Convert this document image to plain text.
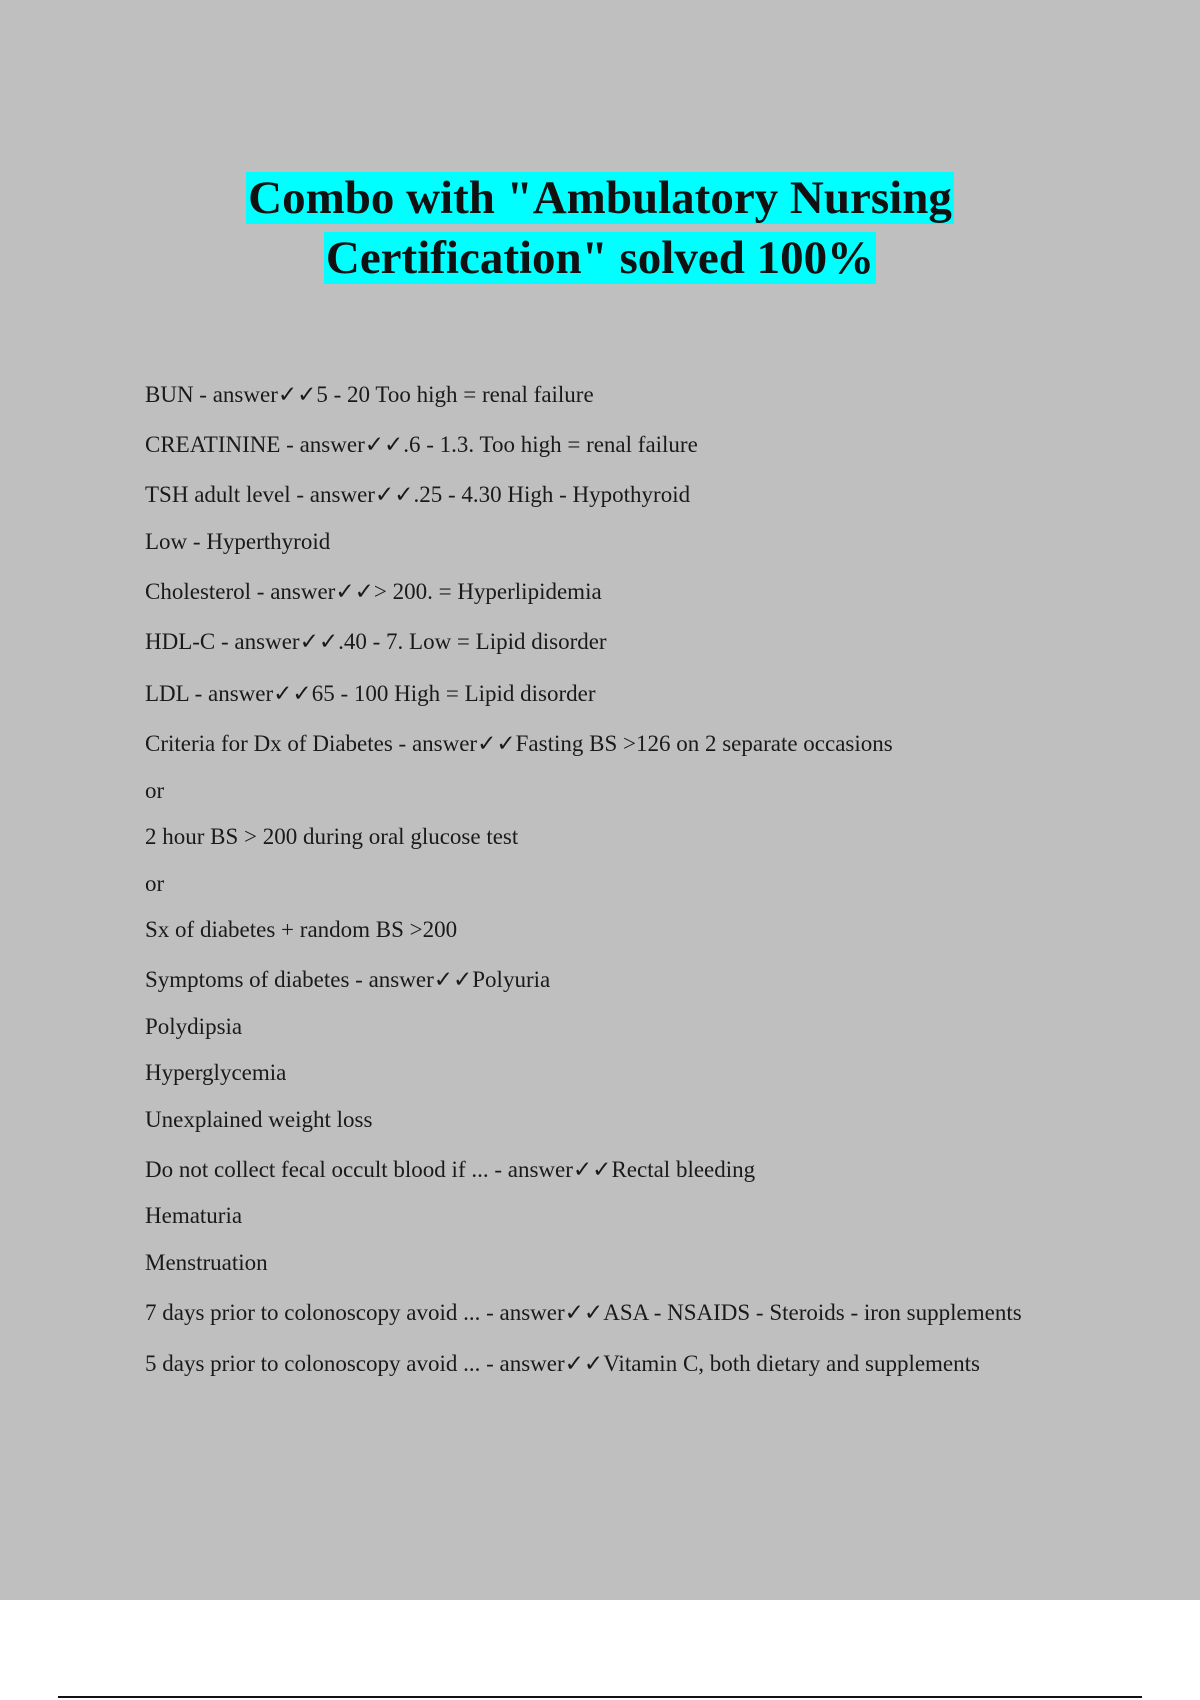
Combo with "Ambulatory Nursing
Certification" solved 100%
BUN - answer✓✓5 - 20 Too high = renal failure
CREATININE - answer✓✓.6 - 1.3. Too high = renal failure
TSH adult level - answer✓✓.25 - 4.30 High - Hypothyroid
Low - Hyperthyroid
Cholesterol - answer✓✓> 200. = Hyperlipidemia
HDL-C - answer✓✓.40 - 7. Low = Lipid disorder
LDL - answer✓✓65 - 100 High = Lipid disorder
Criteria for Dx of Diabetes - answer✓✓Fasting BS >126 on 2 separate occasions
or
2 hour BS > 200 during oral glucose test
or
Sx of diabetes + random BS >200
Symptoms of diabetes - answer✓✓Polyuria
Polydipsia
Hyperglycemia
Unexplained weight loss
Do not collect fecal occult blood if ... - answer✓✓Rectal bleeding
Hematuria
Menstruation
7 days prior to colonoscopy avoid ... - answer✓✓ASA - NSAIDS - Steroids - iron supplements
5 days prior to colonoscopy avoid ... - answer✓✓Vitamin C, both dietary and supplements
